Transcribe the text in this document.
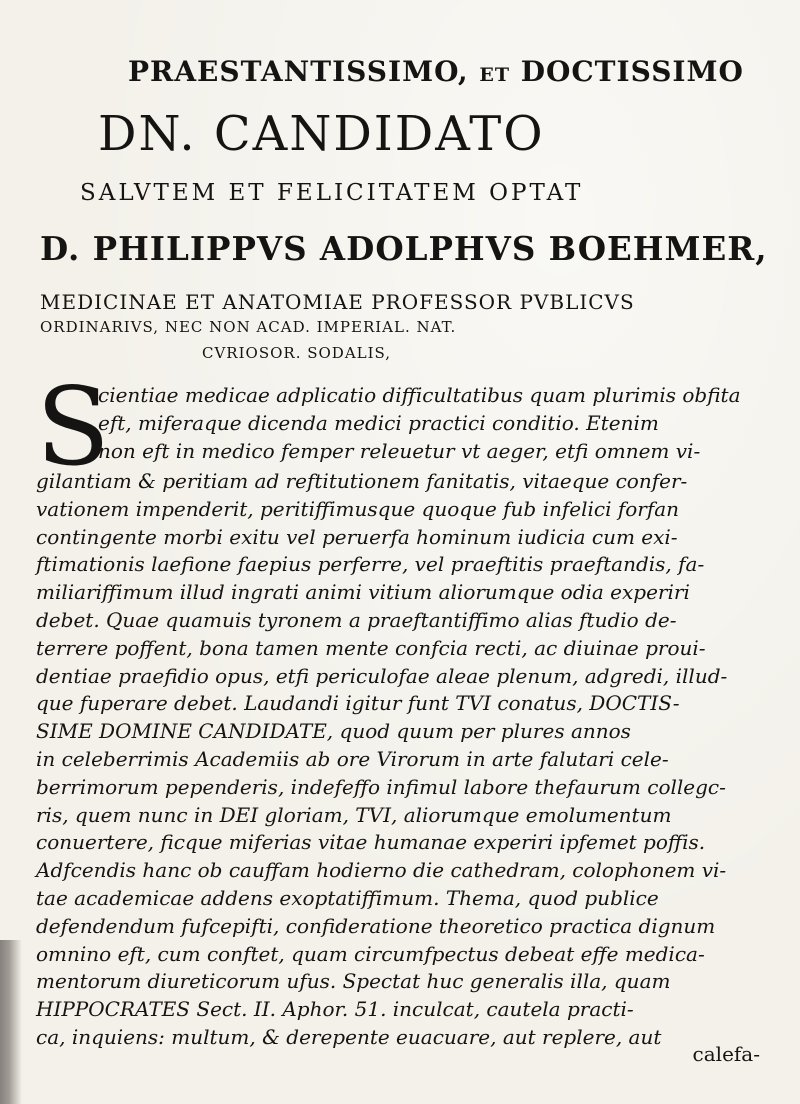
PRAESTANTISSIMO, ET DOCTISSIMO
DN. CANDIDATO
SALVTEM ET FELICITATEM OPTAT
D. PHILIPPVS ADOLPHVS BOEHMER,
MEDICINAE ET ANATOMIAE PROFESSOR PVBLICVS
ORDINARIVS, NEC NON ACAD. IMPERIAL. NAT.
CVRIOSOR. SODALIS,
S
cientiae medicae adplicatio difficultatibus quam plurimis obfita
eft, miferaque dicenda medici practici conditio. Etenim
non eft in medico femper releuetur vt aeger, etfi omnem vi-
gilantiam & peritiam ad reftitutionem fanitatis, vitaeque confer-
vationem impenderit, peritiffimusque quoque fub infelici forfan
contingente morbi exitu vel peruerfa hominum iudicia cum exi-
ftimationis laefione faepius perferre, vel praeftitis praeftandis, fa-
miliariffimum illud ingrati animi vitium aliorumque odia experiri
debet. Quae quamuis tyronem a praeftantiffimo alias ftudio de-
terrere poffent, bona tamen mente confcia recti, ac diuinae proui-
dentiae praefidio opus, etfi periculofae aleae plenum, adgredi, illud-
que fuperare debet. Laudandi igitur funt TVI conatus, DOCTIS-
SIME DOMINE CANDIDATE, quod quum per plures annos
in celeberrimis Academiis ab ore Virorum in arte falutari cele-
berrimorum pependeris, indefeffo infimul labore thefaurum collegc-
ris, quem nunc in DEI gloriam, TVI, aliorumque emolumentum
conuertere, ficque miferias vitae humanae experiri ipfemet poffis.
Adfcendis hanc ob cauffam hodierno die cathedram, colophonem vi-
tae academicae addens exoptatiffimum. Thema, quod publice
defendendum fufcepifti, confideratione theoretico practica dignum
omnino eft, cum conftet, quam circumfpectus debeat effe medica-
mentorum diureticorum ufus. Spectat huc generalis illa, quam
HIPPOCRATES Sect. II. Aphor. 51. inculcat, cautela practi-
ca, inquiens: multum, & derepente euacuare, aut replere, aut
calefa-
